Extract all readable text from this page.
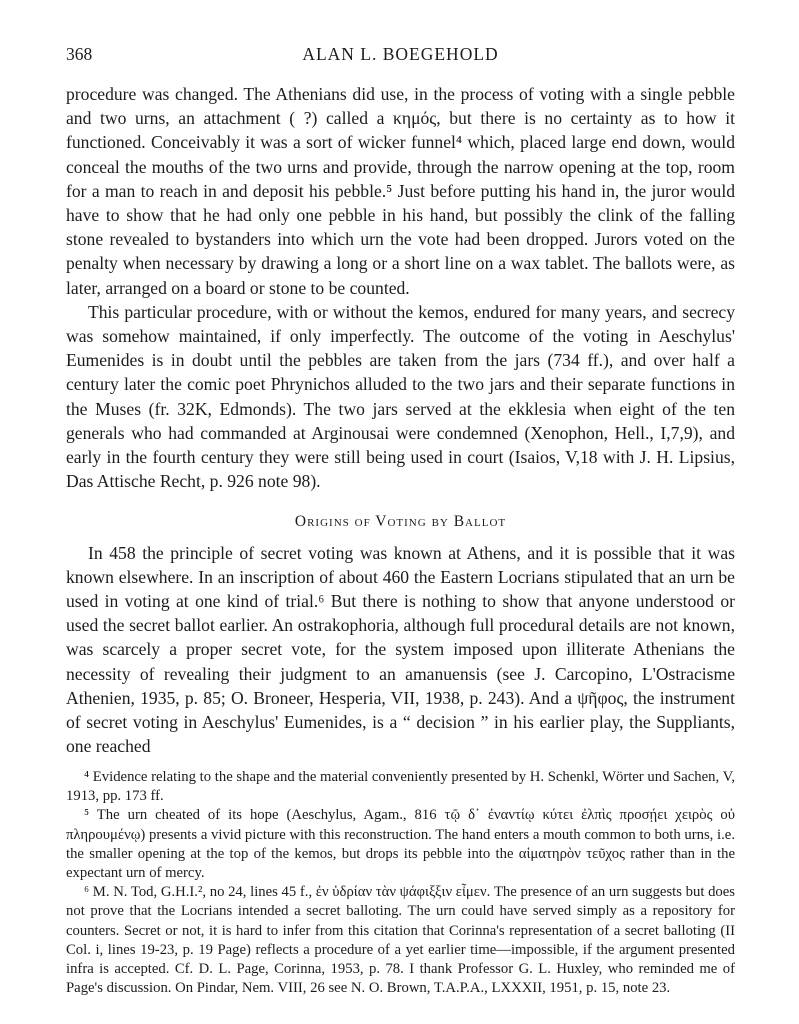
368	ALAN L. BOEGEHOLD

procedure was changed. The Athenians did use, in the process of voting with a single pebble and two urns, an attachment ( ?) called a κημός, but there is no certainty as to how it functioned. Conceivably it was a sort of wicker funnel⁴ which, placed large end down, would conceal the mouths of the two urns and provide, through the narrow opening at the top, room for a man to reach in and deposit his pebble.⁵ Just before putting his hand in, the juror would have to show that he had only one pebble in his hand, but possibly the clink of the falling stone revealed to bystanders into which urn the vote had been dropped. Jurors voted on the penalty when necessary by drawing a long or a short line on a wax tablet. The ballots were, as later, arranged on a board or stone to be counted.

This particular procedure, with or without the kemos, endured for many years, and secrecy was somehow maintained, if only imperfectly. The outcome of the voting in Aeschylus' Eumenides is in doubt until the pebbles are taken from the jars (734 ff.), and over half a century later the comic poet Phrynichos alluded to the two jars and their separate functions in the Muses (fr. 32K, Edmonds). The two jars served at the ekklesia when eight of the ten generals who had commanded at Arginousai were condemned (Xenophon, Hell., I,7,9), and early in the fourth century they were still being used in court (Isaios, V,18 with J. H. Lipsius, Das Attische Recht, p. 926 note 98).

Origins of Voting by Ballot

In 458 the principle of secret voting was known at Athens, and it is possible that it was known elsewhere. In an inscription of about 460 the Eastern Locrians stipulated that an urn be used in voting at one kind of trial.⁶ But there is nothing to show that anyone understood or used the secret ballot earlier. An ostrakophoria, although full procedural details are not known, was scarcely a proper secret vote, for the system imposed upon illiterate Athenians the necessity of revealing their judgment to an amanuensis (see J. Carcopino, L'Ostracisme Athenien, 1935, p. 85; O. Broneer, Hesperia, VII, 1938, p. 243). And a ψῆφος, the instrument of secret voting in Aeschylus' Eumenides, is a “ decision ” in his earlier play, the Suppliants, one reached

⁴ Evidence relating to the shape and the material conveniently presented by H. Schenkl, Wörter und Sachen, V, 1913, pp. 173 ff.

⁵ The urn cheated of its hope (Aeschylus, Agam., 816 τῷ δ᾽ ἐναντίῳ κύτει ἐλπὶς προσῄει χειρὸς οὐ πληρουμένῳ) presents a vivid picture with this reconstruction. The hand enters a mouth common to both urns, i.e. the smaller opening at the top of the kemos, but drops its pebble into the αἱματηρὸν τεῦχος rather than in the expectant urn of mercy.

⁶ M. N. Tod, G.H.I.², no 24, lines 45 f., ἐν ὑδρίαν τὰν ψάφιξξιν εἶμεν. The presence of an urn suggests but does not prove that the Locrians intended a secret balloting. The urn could have served simply as a repository for counters. Secret or not, it is hard to infer from this citation that Corinna's representation of a secret balloting (II Col. i, lines 19-23, p. 19 Page) reflects a procedure of a yet earlier time—impossible, if the argument presented infra is accepted. Cf. D. L. Page, Corinna, 1953, p. 78. I thank Professor G. L. Huxley, who reminded me of Page's discussion. On Pindar, Nem. VIII, 26 see N. O. Brown, T.A.P.A., LXXXII, 1951, p. 15, note 23.
